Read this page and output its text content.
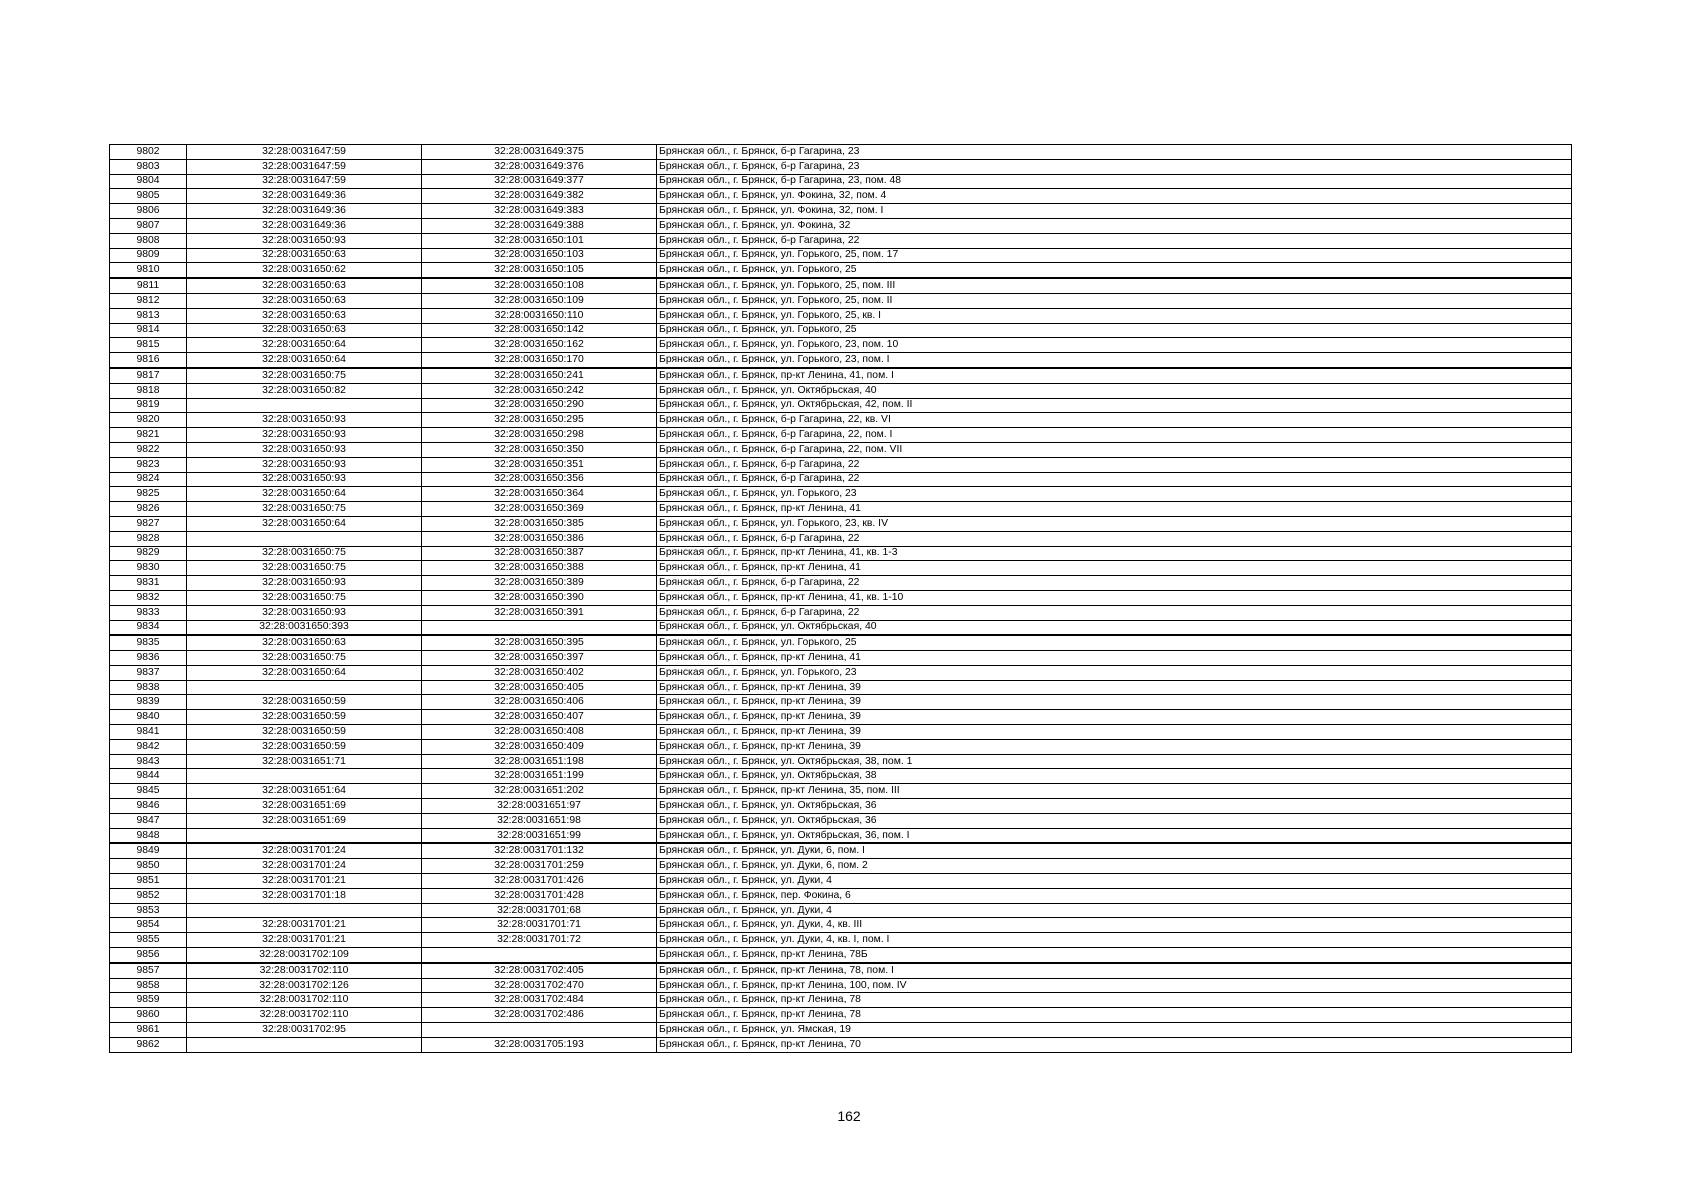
9802	32:28:0031647:59	32:28:0031649:375	Брянская обл., г. Брянск, б-р Гагарина, 23
9803	32:28:0031647:59	32:28:0031649:376	Брянская обл., г. Брянск, б-р Гагарина, 23
9804	32:28:0031647:59	32:28:0031649:377	Брянская обл., г. Брянск, б-р Гагарина, 23, пом. 48
9805	32:28:0031649:36	32:28:0031649:382	Брянская обл., г. Брянск, ул. Фокина, 32, пом. 4
9806	32:28:0031649:36	32:28:0031649:383	Брянская обл., г. Брянск, ул. Фокина, 32, пом. I
9807	32:28:0031649:36	32:28:0031649:388	Брянская обл., г. Брянск, ул. Фокина, 32
9808	32:28:0031650:93	32:28:0031650:101	Брянская обл., г. Брянск, б-р Гагарина, 22
9809	32:28:0031650:63	32:28:0031650:103	Брянская обл., г. Брянск, ул. Горького, 25, пом. 17
9810	32:28:0031650:62	32:28:0031650:105	Брянская обл., г. Брянск, ул. Горького, 25
9811	32:28:0031650:63	32:28:0031650:108	Брянская обл., г. Брянск, ул. Горького, 25, пом. III
9812	32:28:0031650:63	32:28:0031650:109	Брянская обл., г. Брянск, ул. Горького, 25, пом. II
9813	32:28:0031650:63	32:28:0031650:110	Брянская обл., г. Брянск, ул. Горького, 25, кв. I
9814	32:28:0031650:63	32:28:0031650:142	Брянская обл., г. Брянск, ул. Горького, 25
9815	32:28:0031650:64	32:28:0031650:162	Брянская обл., г. Брянск, ул. Горького, 23, пом. 10
9816	32:28:0031650:64	32:28:0031650:170	Брянская обл., г. Брянск, ул. Горького, 23, пом. I
9817	32:28:0031650:75	32:28:0031650:241	Брянская обл., г. Брянск, пр-кт Ленина, 41, пом. I
9818	32:28:0031650:82	32:28:0031650:242	Брянская обл., г. Брянск, ул. Октябрьская, 40
9819		32:28:0031650:290	Брянская обл., г. Брянск, ул. Октябрьская, 42, пом. II
9820	32:28:0031650:93	32:28:0031650:295	Брянская обл., г. Брянск, б-р Гагарина, 22, кв. VI
9821	32:28:0031650:93	32:28:0031650:298	Брянская обл., г. Брянск, б-р Гагарина, 22, пом. I
9822	32:28:0031650:93	32:28:0031650:350	Брянская обл., г. Брянск, б-р Гагарина, 22, пом. VII
9823	32:28:0031650:93	32:28:0031650:351	Брянская обл., г. Брянск, б-р Гагарина, 22
9824	32:28:0031650:93	32:28:0031650:356	Брянская обл., г. Брянск, б-р Гагарина, 22
9825	32:28:0031650:64	32:28:0031650:364	Брянская обл., г. Брянск, ул. Горького, 23
9826	32:28:0031650:75	32:28:0031650:369	Брянская обл., г. Брянск, пр-кт Ленина, 41
9827	32:28:0031650:64	32:28:0031650:385	Брянская обл., г. Брянск, ул. Горького, 23, кв. IV
9828		32:28:0031650:386	Брянская обл., г. Брянск, б-р Гагарина, 22
9829	32:28:0031650:75	32:28:0031650:387	Брянская обл., г. Брянск, пр-кт Ленина, 41, кв. 1-3
9830	32:28:0031650:75	32:28:0031650:388	Брянская обл., г. Брянск, пр-кт Ленина, 41
9831	32:28:0031650:93	32:28:0031650:389	Брянская обл., г. Брянск, б-р Гагарина, 22
9832	32:28:0031650:75	32:28:0031650:390	Брянская обл., г. Брянск, пр-кт Ленина, 41, кв. 1-10
9833	32:28:0031650:93	32:28:0031650:391	Брянская обл., г. Брянск, б-р Гагарина, 22
9834	32:28:0031650:393		Брянская обл., г. Брянск, ул. Октябрьская, 40
9835	32:28:0031650:63	32:28:0031650:395	Брянская обл., г. Брянск, ул. Горького, 25
9836	32:28:0031650:75	32:28:0031650:397	Брянская обл., г. Брянск, пр-кт Ленина, 41
9837	32:28:0031650:64	32:28:0031650:402	Брянская обл., г. Брянск, ул. Горького, 23
9838		32:28:0031650:405	Брянская обл., г. Брянск, пр-кт Ленина, 39
9839	32:28:0031650:59	32:28:0031650:406	Брянская обл., г. Брянск, пр-кт Ленина, 39
9840	32:28:0031650:59	32:28:0031650:407	Брянская обл., г. Брянск, пр-кт Ленина, 39
9841	32:28:0031650:59	32:28:0031650:408	Брянская обл., г. Брянск, пр-кт Ленина, 39
9842	32:28:0031650:59	32:28:0031650:409	Брянская обл., г. Брянск, пр-кт Ленина, 39
9843	32:28:0031651:71	32:28:0031651:198	Брянская обл., г. Брянск, ул. Октябрьская, 38, пом. 1
9844		32:28:0031651:199	Брянская обл., г. Брянск, ул. Октябрьская, 38
9845	32:28:0031651:64	32:28:0031651:202	Брянская обл., г. Брянск, пр-кт Ленина, 35, пом. III
9846	32:28:0031651:69	32:28:0031651:97	Брянская обл., г. Брянск, ул. Октябрьская, 36
9847	32:28:0031651:69	32:28:0031651:98	Брянская обл., г. Брянск, ул. Октябрьская, 36
9848		32:28:0031651:99	Брянская обл., г. Брянск, ул. Октябрьская, 36, пом. I
9849	32:28:0031701:24	32:28:0031701:132	Брянская обл., г. Брянск, ул. Дуки, 6, пом. I
9850	32:28:0031701:24	32:28:0031701:259	Брянская обл., г. Брянск, ул. Дуки, 6, пом. 2
9851	32:28:0031701:21	32:28:0031701:426	Брянская обл., г. Брянск, ул. Дуки, 4
9852	32:28:0031701:18	32:28:0031701:428	Брянская обл., г. Брянск, пер. Фокина, 6
9853		32:28:0031701:68	Брянская обл., г. Брянск, ул. Дуки, 4
9854	32:28:0031701:21	32:28:0031701:71	Брянская обл., г. Брянск, ул. Дуки, 4, кв. III
9855	32:28:0031701:21	32:28:0031701:72	Брянская обл., г. Брянск, ул. Дуки, 4, кв. I, пом. I
9856	32:28:0031702:109		Брянская обл., г. Брянск, пр-кт Ленина, 78Б
9857	32:28:0031702:110	32:28:0031702:405	Брянская обл., г. Брянск, пр-кт Ленина, 78, пом. I
9858	32:28:0031702:126	32:28:0031702:470	Брянская обл., г. Брянск, пр-кт Ленина, 100, пом. IV
9859	32:28:0031702:110	32:28:0031702:484	Брянская обл., г. Брянск, пр-кт Ленина, 78
9860	32:28:0031702:110	32:28:0031702:486	Брянская обл., г. Брянск, пр-кт Ленина, 78
9861	32:28:0031702:95		Брянская обл., г. Брянск, ул. Ямская, 19
9862		32:28:0031705:193	Брянская обл., г. Брянск, пр-кт Ленина, 70
162
